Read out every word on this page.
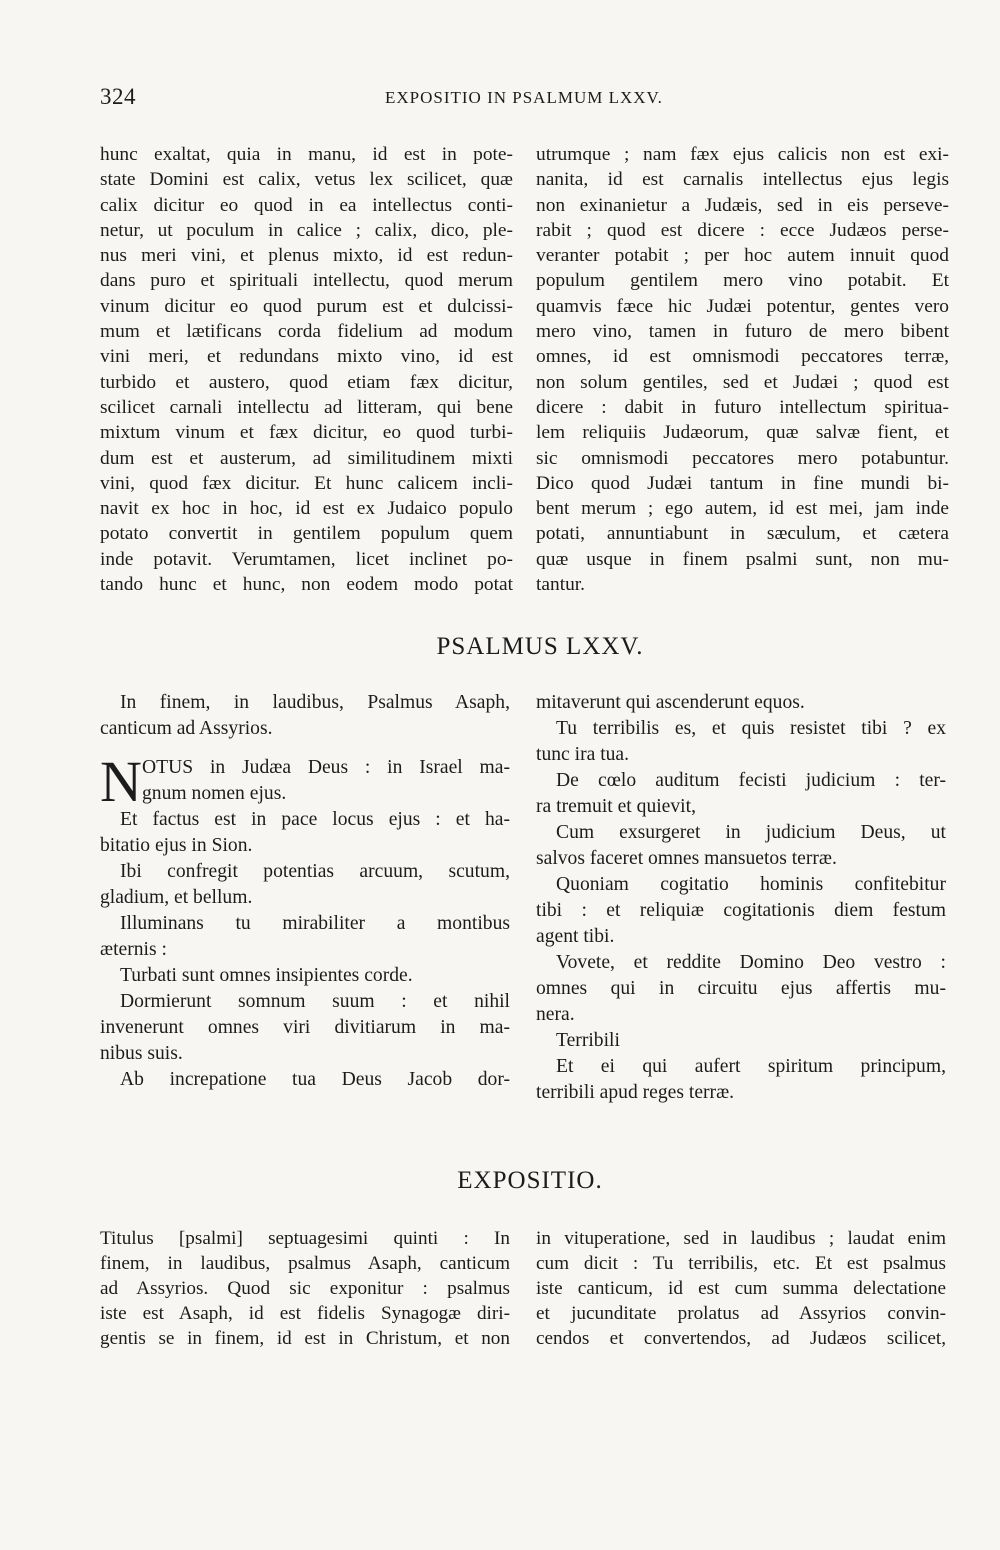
324	EXPOSITIO IN PSALMUM LXXV.
hunc exaltat, quia in manu, id est in pote-
state Domini est calix, vetus lex scilicet, quæ
calix dicitur eo quod in ea intellectus conti-
netur, ut poculum in calice ; calix, dico, ple-
nus meri vini, et plenus mixto, id est redun-
dans puro et spirituali intellectu, quod merum
vinum dicitur eo quod purum est et dulcissi-
mum et lætificans corda fidelium ad modum
vini meri, et redundans mixto vino, id est
turbido et austero, quod etiam fæx dicitur,
scilicet carnali intellectu ad litteram, qui bene
mixtum vinum et fæx dicitur, eo quod turbi-
dum est et austerum, ad similitudinem mixti
vini, quod fæx dicitur. Et hunc calicem incli-
navit ex hoc in hoc, id est ex Judaico populo
potato convertit in gentilem populum quem
inde potavit. Verumtamen, licet inclinet po-
tando hunc et hunc, non eodem modo potat
utrumque ; nam fæx ejus calicis non est exi-
nanita, id est carnalis intellectus ejus legis
non exinanietur a Judæis, sed in eis perseve-
rabit ; quod est dicere : ecce Judæos perse-
veranter potabit ; per hoc autem innuit quod
populum gentilem mero vino potabit. Et
quamvis fæce hic Judæi potentur, gentes vero
mero vino, tamen in futuro de mero bibent
omnes, id est omnismodi peccatores terræ,
non solum gentiles, sed et Judæi ; quod est
dicere : dabit in futuro intellectum spiritua-
lem reliquiis Judæorum, quæ salvæ fient, et
sic omnismodi peccatores mero potabuntur.
Dico quod Judæi tantum in fine mundi bi-
bent merum ; ego autem, id est mei, jam inde
potati, annuntiabunt in sæculum, et cætera
quæ usque in finem psalmi sunt, non mu-
tantur.
PSALMUS LXXV.
In finem, in laudibus, Psalmus Asaph,
canticum ad Assyrios.
N OTUS in Judæa Deus : in Israel ma-
gnum nomen ejus.
Et factus est in pace locus ejus : et ha-
bitatio ejus in Sion.
Ibi confregit potentias arcuum, scutum,
gladium, et bellum.
Illuminans tu mirabiliter a montibus
æternis :
Turbati sunt omnes insipientes corde.
Dormierunt somnum suum : et nihil
invenerunt omnes viri divitiarum in ma-
nibus suis.
Ab increpatione tua Deus Jacob dor-
mitaverunt qui ascenderunt equos.
Tu terribilis es, et quis resistet tibi ? ex
tunc ira tua.
De cœlo auditum fecisti judicium : ter-
ra tremuit et quievit,
Cum exsurgeret in judicium Deus, ut
salvos faceret omnes mansuetos terræ.
Quoniam cogitatio hominis confitebitur
tibi : et reliquiæ cogitationis diem festum
agent tibi.
Vovete, et reddite Domino Deo vestro :
omnes qui in circuitu ejus affertis mu-
nera.
Terribili
Et ei qui aufert spiritum principum,
terribili apud reges terræ.
EXPOSITIO.
Titulus [psalmi] septuagesimi quinti : In
finem, in laudibus, psalmus Asaph, canticum
ad Assyrios. Quod sic exponitur : psalmus
iste est Asaph, id est fidelis Synagogæ diri-
gentis se in finem, id est in Christum, et non
in vituperatione, sed in laudibus ; laudat enim
cum dicit : Tu terribilis, etc. Et est psalmus
iste canticum, id est cum summa delectatione
et jucunditate prolatus ad Assyrios convin-
cendos et convertendos, ad Judæos scilicet,
